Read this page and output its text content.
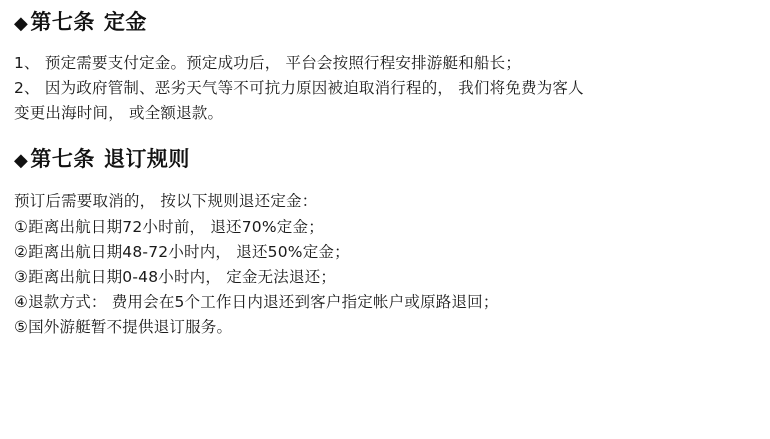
◆ 第七条 定金

1、 预定需要支付定金。预定成功后， 平台会按照行程安排游艇和船长；

2、 因为政府管制、恶劣天气等不可抗力原因被迫取消行程的， 我们将免费为客人

变更出海时间， 或全额退款。

◆ 第七条 退订规则

预订后需要取消的， 按以下规则退还定金：

①距离出航日期72小时前， 退还70%定金；
②距离出航日期48-72小时内， 退还50%定金；
③距离出航日期0-48小时内， 定金无法退还；
④退款方式： 费用会在5个工作日内退还到客户指定帐户或原路退回；
⑤国外游艇暂不提供退订服务。
